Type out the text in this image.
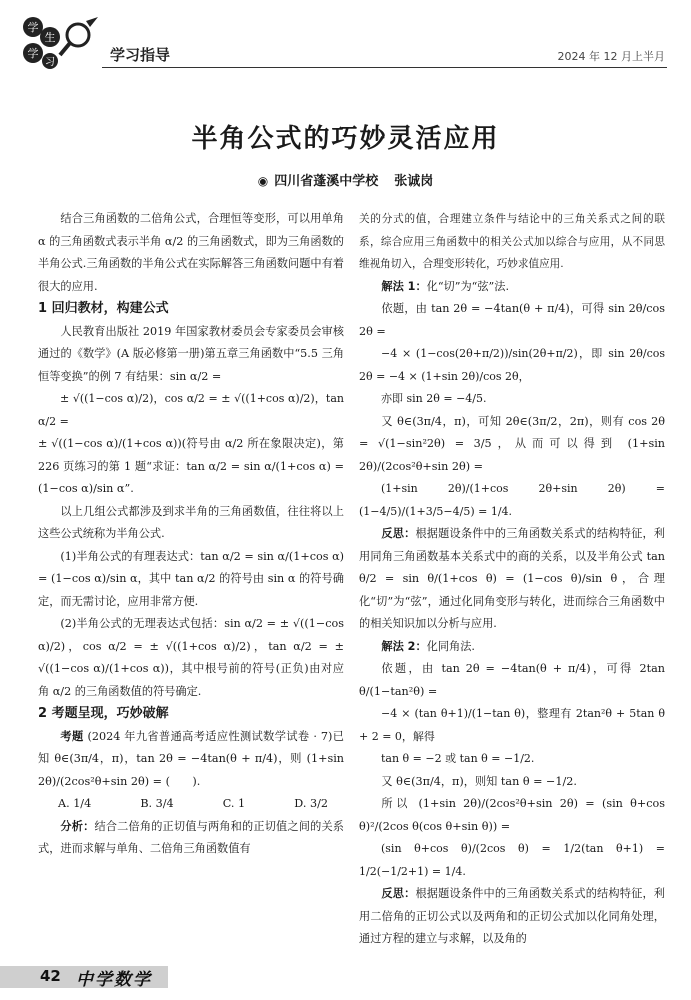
学
生
学
习	学习指导	2024 年 12 月上半月
半角公式的巧妙灵活应用
◉ 四川省蓬溪中学校 张诚岗

结合三角函数的二倍角公式，合理恒等变形，可以用单角 α 的三角函数式表示半角 α/2 的三角函数式，即为三角函数的半角公式.三角函数的半角公式在实际解答三角函数问题中有着很大的应用.

1 回归教材，构建公式

人民教育出版社 2019 年国家教材委员会专家委员会审核通过的《数学》(A 版必修第一册)第五章三角函数中“5.5 三角恒等变换”的例 7 有结果：sin α/2 =

± √((1−cos α)/2)，cos α/2 = ± √((1+cos α)/2)，tan α/2 =

± √((1−cos α)/(1+cos α))(符号由 α/2 所在象限决定)，第 226 页练习的第 1 题“求证：tan α/2 = sin α/(1+cos α) = (1−cos α)/sin α”.

以上几组公式都涉及到求半角的三角函数值，往往将以上这些公式统称为半角公式.

(1)半角公式的有理表达式：tan α/2 = sin α/(1+cos α) = (1−cos α)/sin α，其中 tan α/2 的符号由 sin α 的符号确定，而无需讨论，应用非常方便.

(2)半角公式的无理表达式包括：sin α/2 = ± √((1−cos α)/2)，cos α/2 = ± √((1+cos α)/2)，tan α/2 = ± √((1−cos α)/(1+cos α))，其中根号前的符号(正负)由对应角 α/2 的三角函数值的符号确定.

2 考题呈现，巧妙破解

考题 (2024 年九省普通高考适应性测试数学试卷 · 7)已知 θ∈(3π/4，π)，tan 2θ = −4tan(θ + π/4)，则 (1+sin 2θ)/(2cos²θ+sin 2θ) = (　　).

A. 1/4	B. 3/4	C. 1	D. 3/2

分析：结合二倍角的正切值与两角和的正切值之间的关系式，进而求解与单角、二倍角三角函数值有

关的分式的值，合理建立条件与结论中的三角关系式之间的联系，综合应用三角函数中的相关公式加以综合与应用，从不同思维视角切入，合理变形转化，巧妙求值应用.

解法 1：化“切”为“弦”法.

依题，由 tan 2θ = −4tan(θ + π/4)，可得 sin 2θ/cos 2θ =

−4 × (1−cos(2θ+π/2))/sin(2θ+π/2)，即 sin 2θ/cos 2θ = −4 × (1+sin 2θ)/cos 2θ，

亦即 sin 2θ = −4/5.

又 θ∈(3π/4，π)，可知 2θ∈(3π/2，2π)，则有 cos 2θ = √(1−sin²2θ) = 3/5，从而可以得到 (1+sin 2θ)/(2cos²θ+sin 2θ) =

(1+sin 2θ)/(1+cos 2θ+sin 2θ) = (1−4/5)/(1+3/5−4/5) = 1/4.

反思：根据题设条件中的三角函数关系式的结构特征，利用同角三角函数基本关系式中的商的关系，以及半角公式 tan θ/2 = sin θ/(1+cos θ) = (1−cos θ)/sin θ，合理化“切”为“弦”，通过化同角变形与转化，进而综合三角函数中的相关知识加以分析与应用.

解法 2：化同角法.

依题，由 tan 2θ = −4tan(θ + π/4)，可得 2tan θ/(1−tan²θ) =

−4 × (tan θ+1)/(1−tan θ)，整理有 2tan²θ + 5tan θ + 2 = 0，解得

tan θ = −2 或 tan θ = −1/2.

又 θ∈(3π/4，π)，则知 tan θ = −1/2.

所以 (1+sin 2θ)/(2cos²θ+sin 2θ) = (sin θ+cos θ)²/(2cos θ(cos θ+sin θ)) =

(sin θ+cos θ)/(2cos θ) = 1/2(tan θ+1) = 1/2(−1/2+1) = 1/4.

反思：根据题设条件中的三角函数关系式的结构特征，利用二倍角的正切公式以及两角和的正切公式加以化同角处理，通过方程的建立与求解，以及角的

42 中学数学
